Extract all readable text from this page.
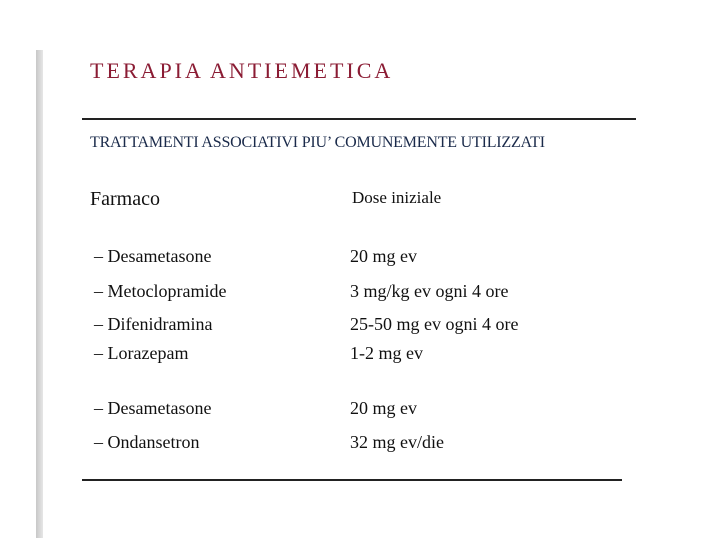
TERAPIA ANTIEMETICA
TRATTAMENTI ASSOCIATIVI PIU’ COMUNEMENTE UTILIZZATI
Farmaco	Dose iniziale
– Desametasone	20 mg ev
– Metoclopramide	3 mg/kg ev ogni 4 ore
– Difenidramina	25-50 mg ev ogni 4 ore
– Lorazepam	1-2 mg ev
– Desametasone	20 mg ev
– Ondansetron	32 mg ev/die
